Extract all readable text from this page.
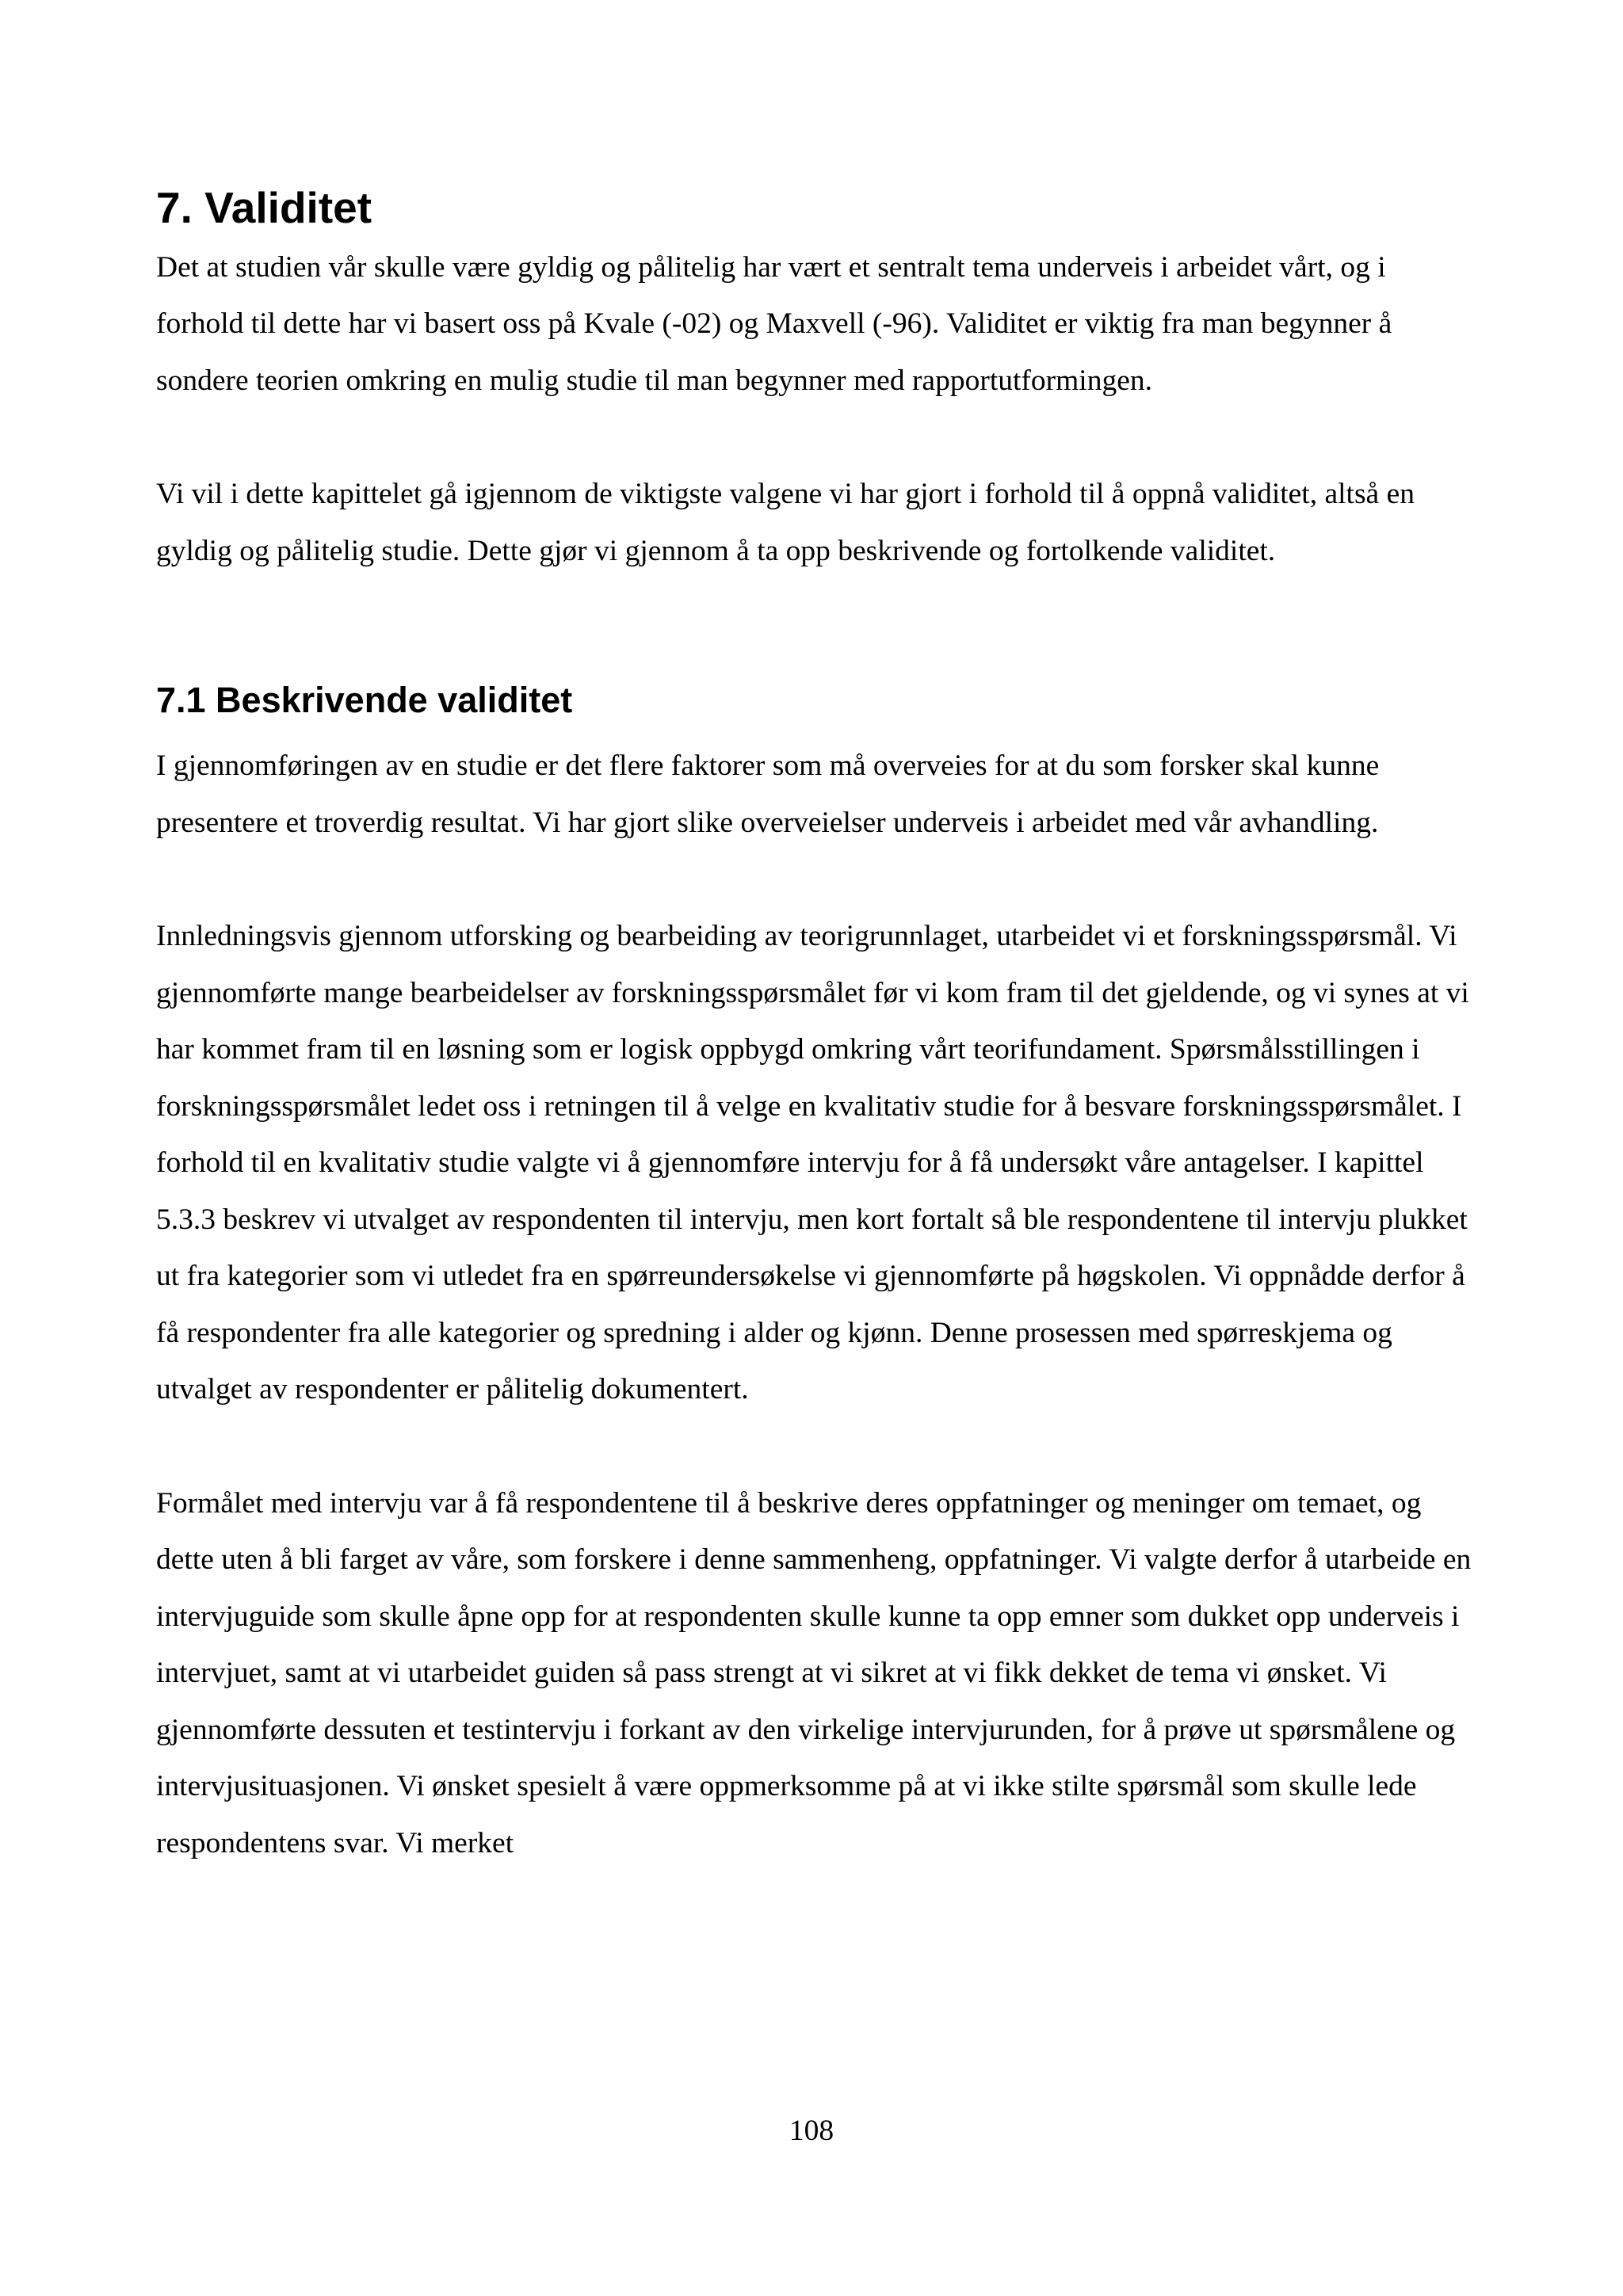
7. Validitet

Det at studien vår skulle være gyldig og pålitelig har vært et sentralt tema underveis i arbeidet vårt, og i forhold til dette har vi basert oss på Kvale (-02) og Maxvell (-96). Validitet er viktig fra man begynner å sondere teorien omkring en mulig studie til man begynner med rapportutformingen.

Vi vil i dette kapittelet gå igjennom de viktigste valgene vi har gjort i forhold til å oppnå validitet, altså en gyldig og pålitelig studie. Dette gjør vi gjennom å ta opp beskrivende og fortolkende validitet.

7.1 Beskrivende validitet

I gjennomføringen av en studie er det flere faktorer som må overveies for at du som forsker skal kunne presentere et troverdig resultat. Vi har gjort slike overveielser underveis i arbeidet med vår avhandling.

Innledningsvis gjennom utforsking og bearbeiding av teorigrunnlaget, utarbeidet vi et forskningsspørsmål. Vi gjennomførte mange bearbeidelser av forskningsspørsmålet før vi kom fram til det gjeldende, og vi synes at vi har kommet fram til en løsning som er logisk oppbygd omkring vårt teorifundament. Spørsmålsstillingen i forskningsspørsmålet ledet oss i retningen til å velge en kvalitativ studie for å besvare forskningsspørsmålet. I forhold til en kvalitativ studie valgte vi å gjennomføre intervju for å få undersøkt våre antagelser. I kapittel 5.3.3 beskrev vi utvalget av respondenten til intervju, men kort fortalt så ble respondentene til intervju plukket ut fra kategorier som vi utledet fra en spørreundersøkelse vi gjennomførte på høgskolen. Vi oppnådde derfor å få respondenter fra alle kategorier og spredning i alder og kjønn. Denne prosessen med spørreskjema og utvalget av respondenter er pålitelig dokumentert.

Formålet med intervju var å få respondentene til å beskrive deres oppfatninger og meninger om temaet, og dette uten å bli farget av våre, som forskere i denne sammenheng, oppfatninger. Vi valgte derfor å utarbeide en intervjuguide som skulle åpne opp for at respondenten skulle kunne ta opp emner som dukket opp underveis i intervjuet, samt at vi utarbeidet guiden så pass strengt at vi sikret at vi fikk dekket de tema vi ønsket. Vi gjennomførte dessuten et testintervju i forkant av den virkelige intervjurunden, for å prøve ut spørsmålene og intervjusituasjonen. Vi ønsket spesielt å være oppmerksomme på at vi ikke stilte spørsmål som skulle lede respondentens svar. Vi merket

108
